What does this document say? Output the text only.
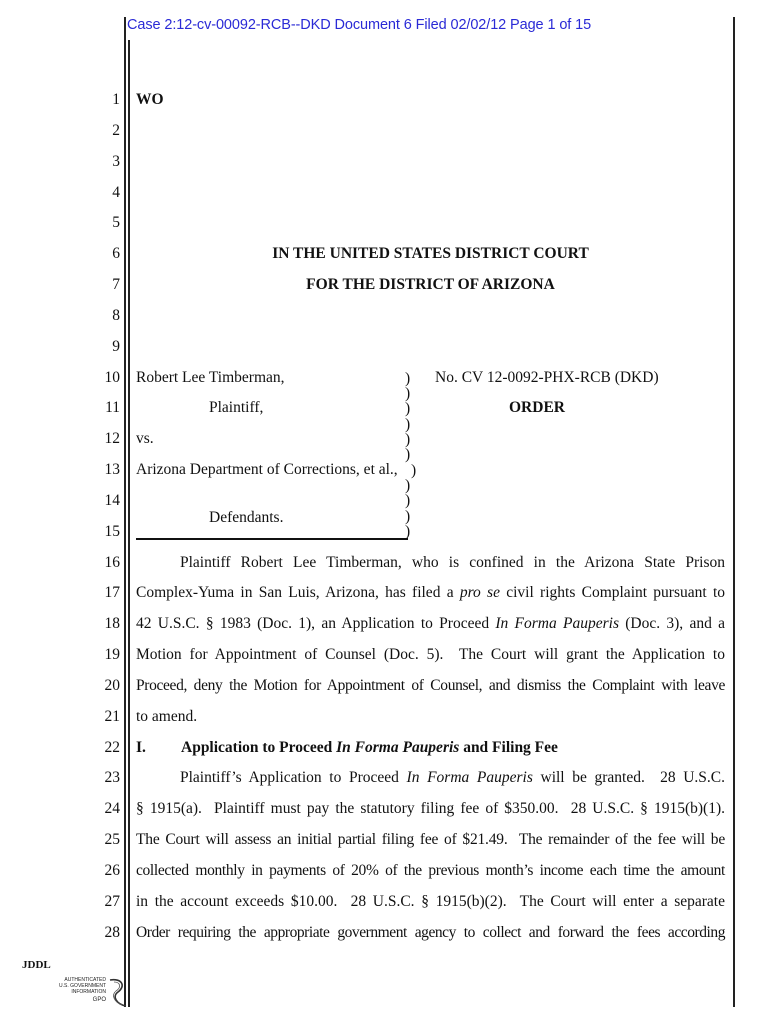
Case 2:12-cv-00092-RCB--DKD Document 6 Filed 02/02/12 Page 1 of 15
1
2
3
4
5
6
7
8
9
10
11
12
13
14
15
16
17
18
19
20
21
22
23
24
25
26
27
28
WO
IN THE UNITED STATES DISTRICT COURT
FOR THE DISTRICT OF ARIZONA
Robert Lee Timberman,
Plaintiff,
vs.
Arizona Department of Corrections, et al.,
Defendants.
)
)
)
)
)
)
)
)
)
)
)
No. CV 12-0092-PHX-RCB (DKD)
ORDER
Plaintiff Robert Lee Timberman, who is confined in the Arizona State Prison
Complex-Yuma in San Luis, Arizona, has filed a pro se civil rights Complaint pursuant to
42 U.S.C. § 1983 (Doc. 1), an Application to Proceed In Forma Pauperis (Doc. 3), and a
Motion for Appointment of Counsel (Doc. 5).  The Court will grant the Application to
Proceed, deny the Motion for Appointment of Counsel, and dismiss the Complaint with leave
to amend.
I. Application to Proceed In Forma Pauperis and Filing Fee
Plaintiff’s Application to Proceed In Forma Pauperis will be granted.  28 U.S.C.
§ 1915(a).  Plaintiff must pay the statutory filing fee of $350.00.  28 U.S.C. § 1915(b)(1).
The Court will assess an initial partial filing fee of $21.49.  The remainder of the fee will be
collected monthly in payments of 20% of the previous month’s income each time the amount
in the account exceeds $10.00.  28 U.S.C. § 1915(b)(2).  The Court will enter a separate
Order requiring the appropriate government agency to collect and forward the fees according
JDDL
AUTHENTICATED
U.S. GOVERNMENT
INFORMATION
GPO
